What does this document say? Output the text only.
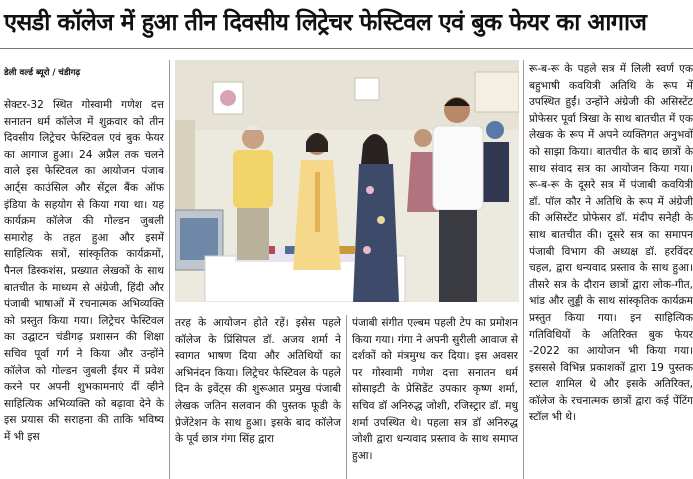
एसडी कॉलेज में हुआ तीन दिवसीय लिट्रेचर फेस्टिवल एवं बुक फेयर का आगाज
डेली वर्ल्ड ब्यूरो / चंडीगढ़

सेक्टर-32 स्थित गोस्वामी गणेश दत्त सनातन धर्म कॉलेज में शुक्रवार को तीन दिवसीय लिट्रेचर फेस्टिवल एवं बुक फेयर का आगाज हुआ। 24 अप्रैल तक चलने वाले इस फेस्टिवल का आयोजन पंजाब आर्ट्स काउंसिल और सेंट्रल बैंक ऑफ इंडिया के सहयोग से किया गया था। यह कार्यक्रम कॉलेज की गोल्डन जुबली समारोह के तहत हुआ और इसमें साहित्यिक सत्रों, सांस्कृतिक कार्यक्रमों, पैनल डिस्कशंस, प्रख्यात लेखकों के साथ बातचीत के माध्यम से अंग्रेजी, हिंदी और पंजाबी भाषाओं में रचनात्मक अभिव्यक्ति को प्रस्तुत किया गया। लिट्रेचर फेस्टिवल का उद्घाटन चंडीगढ़ प्रशासन की शिक्षा सचिव पूर्वा गर्ग ने किया और उन्होंने कॉलेज को गोल्डन जुबली ईयर में प्रवेश करने पर अपनी शुभकामनाएं दीं व्हीने साहित्यिक अभिव्यक्ति को बढ़ावा देने के इस प्रयास की सराहना की ताकि भविष्य में भी इस

तरह के आयोजन होते रहें। इसेस पहले कॉलेज के प्रिंसिपल डॉ. अजय शर्मा ने स्वागत भाषण दिया और अतिथियों का अभिनंदन किया। लिट्रेचर फेस्टिवल के पहले दिन के इवेंट्स की शुरूआत प्रमुख पंजाबी लेखक जतिन सलवान की पुस्तक फूडी के प्रेजेंटेशन के साथ हुआ। इसके बाद कॉलेज के पूर्व छात्र गंगा सिंह द्वारा

पंजाबी संगीत एल्बम पहली टेप का प्रमोशन किया गया। गंगा ने अपनी सुरीली आवाज से दर्शकों को मंत्रमुग्ध कर दिया। इस अवसर पर गोस्वामी गणेश दत्ता सनातन धर्म सोसाइटी के प्रेसिडेंट उपकार कृष्ण शर्मा, सचिव डॉ अनिरुद्ध जोशी, रजिस्ट्रार डॉ. मधु शर्मा उपस्थित थे। पहला सत्र डॉ अनिरुद्ध जोशी द्वारा धन्यवाद प्रस्ताव के साथ समाप्त हुआ।

रू-ब-रू के पहले सत्र में लिली स्वर्ण एक बहुभाषी कवयित्री अतिथि के रूप में उपस्थित हुईं। उन्होंने अंग्रेजी की असिस्टेंट प्रोफेसर पूर्वा त्रिखा के साथ बातचीत में एक लेखक के रूप में अपने व्यक्तिगत अनुभवों को साझा किया। बातचीत के बाद छात्रों के साथ संवाद सत्र का आयोजन किया गया। रू-ब-रू के दूसरे सत्र में पंजाबी कवयित्री डॉ. पॉल कौर ने अतिथि के रूप में अंग्रेजी की असिस्टेंट प्रोफेसर डॉ. मंदीप सनेही के साथ बातचीत की। दूसरे सत्र का समापन पंजाबी विभाग की अध्यक्ष डॉ. हरविंदर चहल, द्वारा धन्यवाद प्रस्ताव के साथ हुआ। तीसरे सत्र के दौरान छात्रों द्वारा लोक-गीत, भांड और लुड्डी के साथ सांस्कृतिक कार्यक्रम प्रस्तुत किया गया। इन साहित्यिक गतिविधियों के अतिरिक्त बुक फेयर -2022 का आयोजन भी किया गया। इसससे विभिन्न प्रकाशकों द्वारा 19 पुस्तक स्टाल शामिल थे और इसके अतिरिक्त, कॉलेज के रचनात्मक छात्रों द्वारा कई पेंटिंग स्टॉल भी थे।
